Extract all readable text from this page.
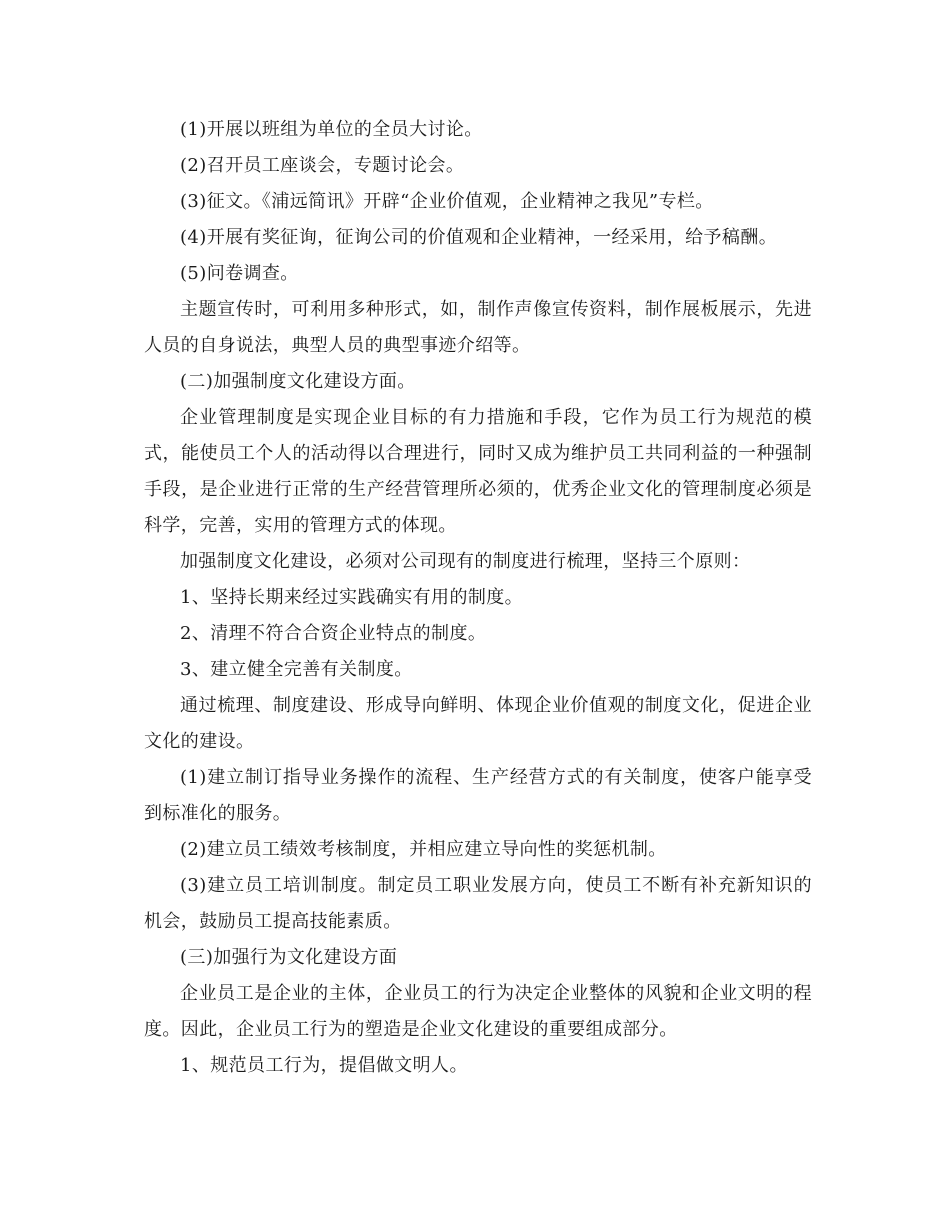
(1)开展以班组为单位的全员大讨论。

(2)召开员工座谈会，专题讨论会。

(3)征文。《浦远简讯》开辟“企业价值观，企业精神之我见”专栏。

(4)开展有奖征询，征询公司的价值观和企业精神，一经采用，给予稿酬。

(5)问卷调查。

主题宣传时，可利用多种形式，如，制作声像宣传资料，制作展板展示，先进人员的自身说法，典型人员的典型事迹介绍等。

(二)加强制度文化建设方面。

企业管理制度是实现企业目标的有力措施和手段，它作为员工行为规范的模式，能使员工个人的活动得以合理进行，同时又成为维护员工共同利益的一种强制手段，是企业进行正常的生产经营管理所必须的，优秀企业文化的管理制度必须是科学，完善，实用的管理方式的体现。

加强制度文化建设，必须对公司现有的制度进行梳理，坚持三个原则：

1、坚持长期来经过实践确实有用的制度。

2、清理不符合合资企业特点的制度。

3、建立健全完善有关制度。

通过梳理、制度建设、形成导向鲜明、体现企业价值观的制度文化，促进企业文化的建设。

(1)建立制订指导业务操作的流程、生产经营方式的有关制度，使客户能享受到标准化的服务。

(2)建立员工绩效考核制度，并相应建立导向性的奖惩机制。

(3)建立员工培训制度。制定员工职业发展方向，使员工不断有补充新知识的机会，鼓励员工提高技能素质。

(三)加强行为文化建设方面

企业员工是企业的主体，企业员工的行为决定企业整体的风貌和企业文明的程度。因此，企业员工行为的塑造是企业文化建设的重要组成部分。

1、规范员工行为，提倡做文明人。
